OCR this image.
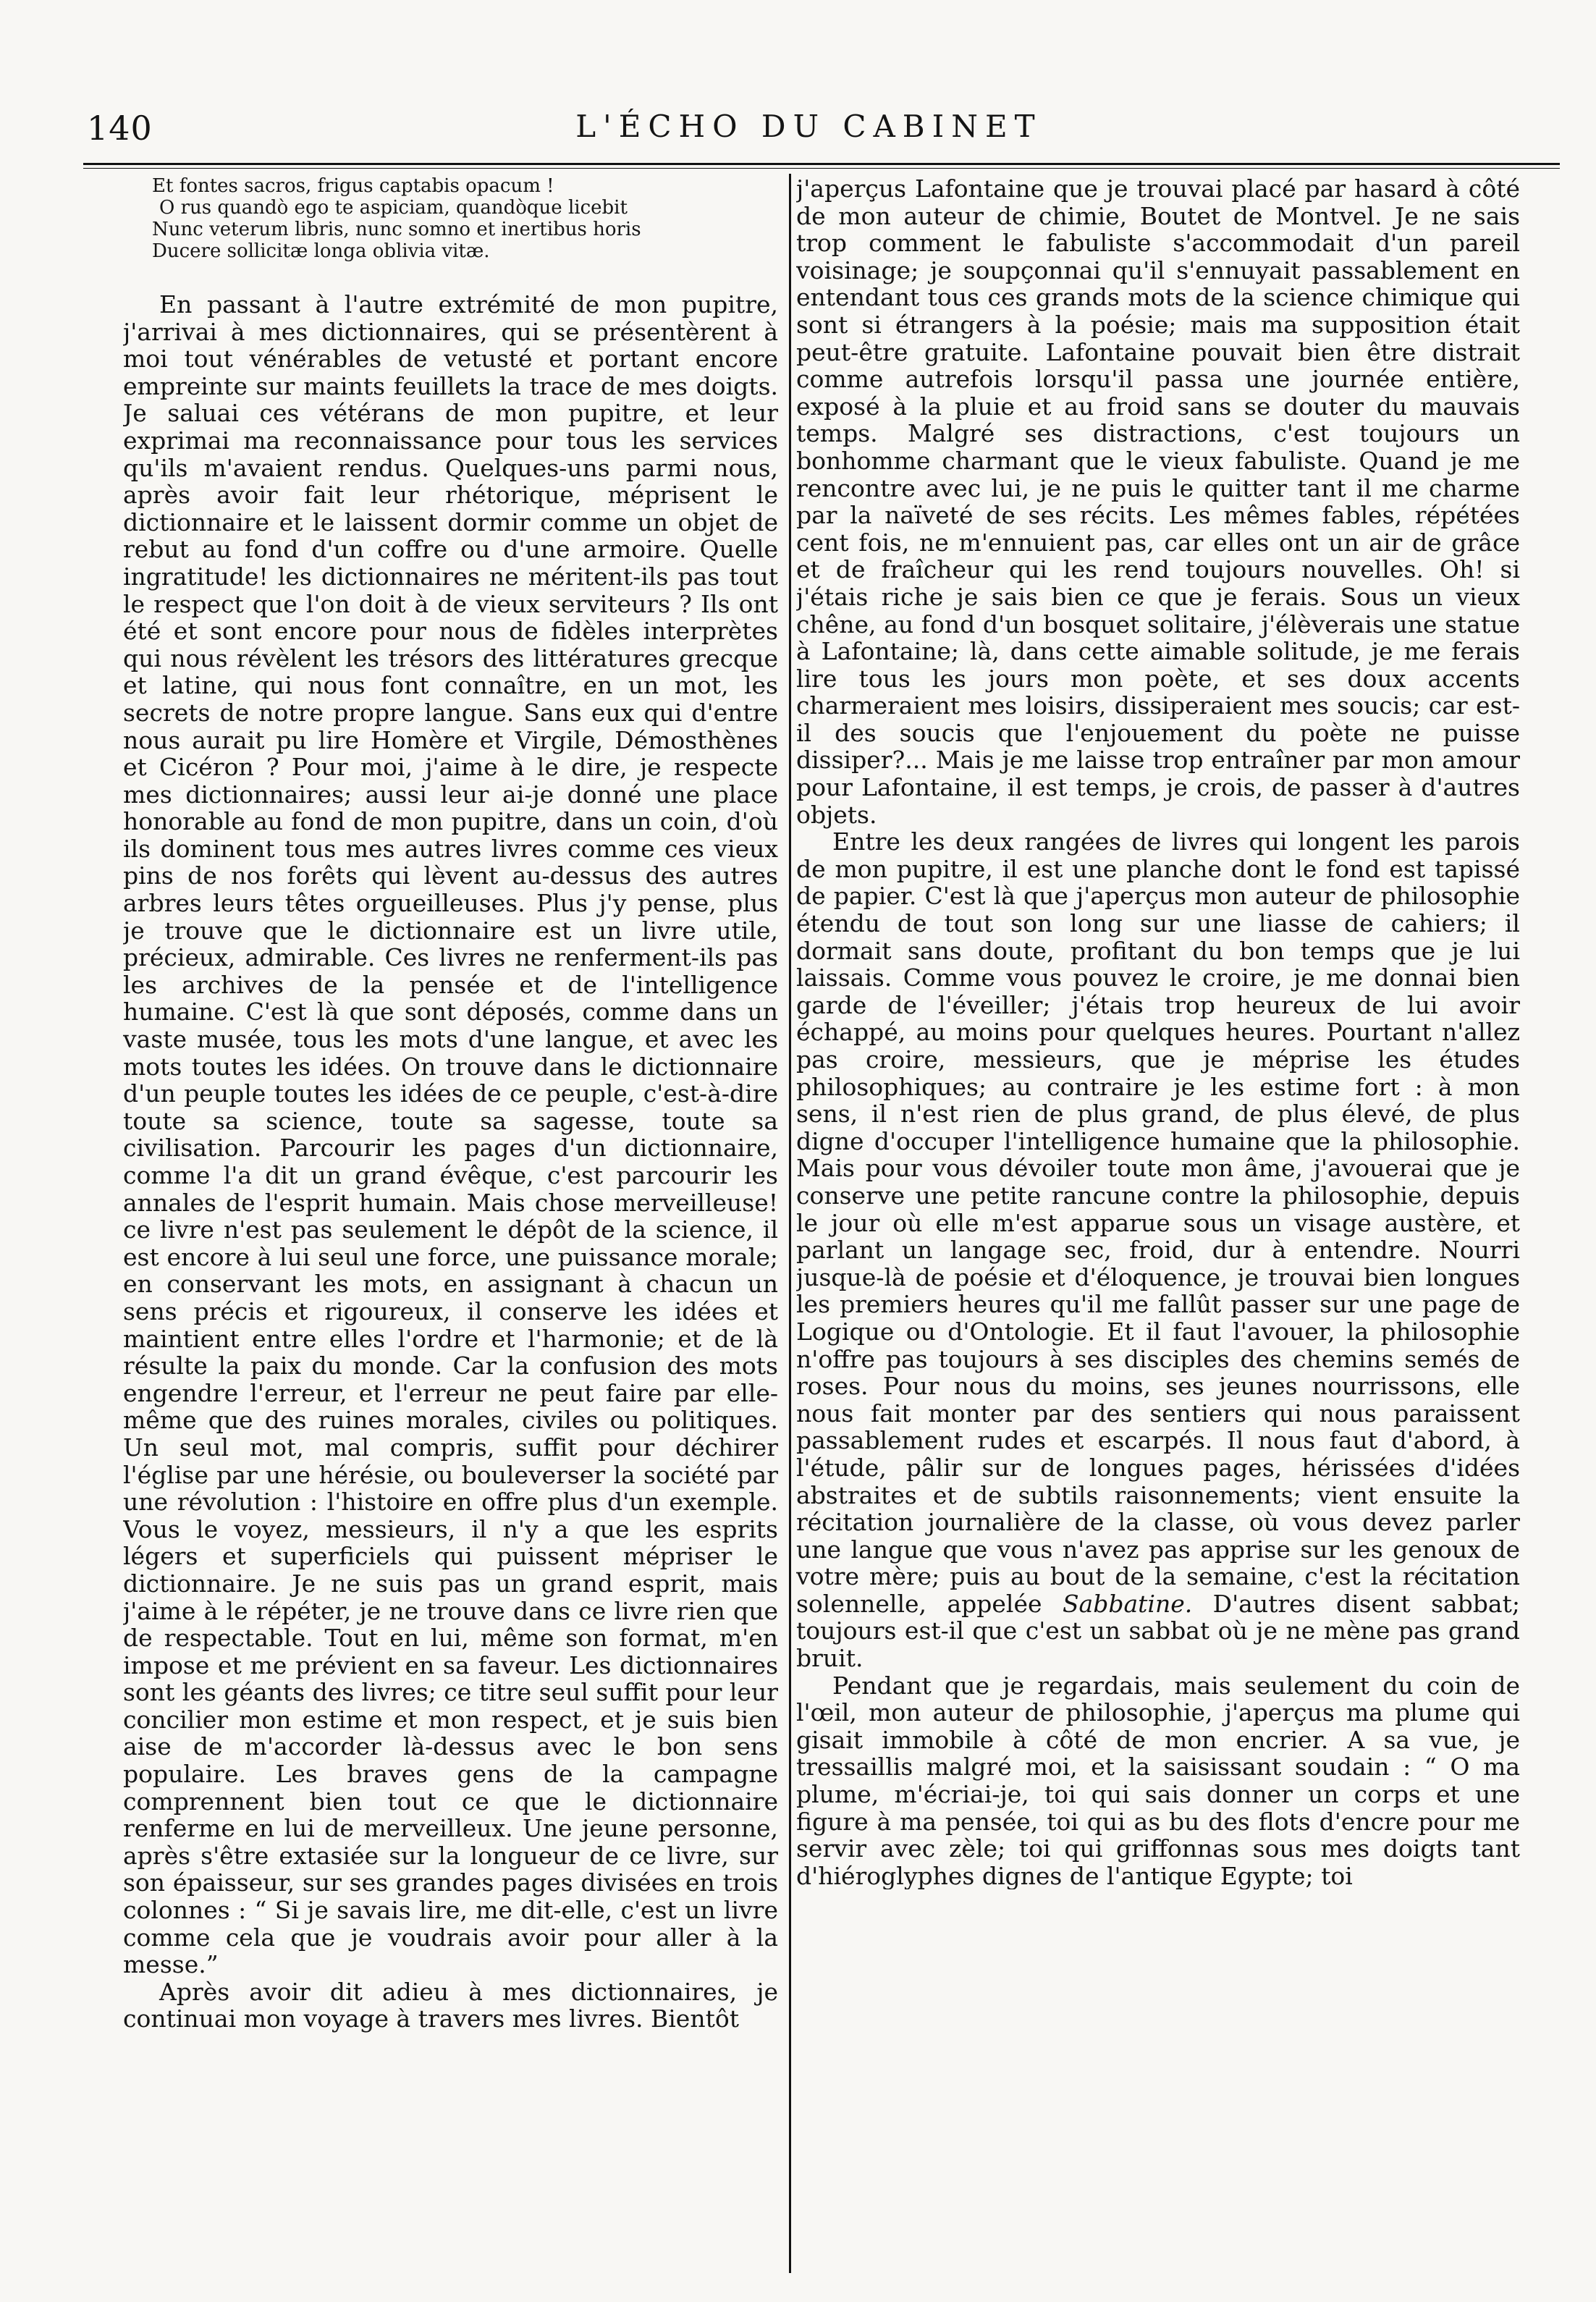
140	L'ÉCHO DU CABINET
Et fontes sacros, frigus captabis opacum !
O rus quandò ego te aspiciam, quandòque licebit
Nunc veterum libris, nunc somno et inertibus horis
Ducere sollicitæ longa oblivia vitæ.

En passant à l'autre extrémité de mon pupitre, j'arrivai à mes dictionnaires, qui se présentèrent à moi tout vénérables de vetusté et portant encore empreinte sur maints feuillets la trace de mes doigts. Je saluai ces vétérans de mon pupitre, et leur exprimai ma reconnaissance pour tous les services qu'ils m'avaient rendus. Quelques-uns parmi nous, après avoir fait leur rhétorique, méprisent le dictionnaire et le laissent dormir comme un objet de rebut au fond d'un coffre ou d'une armoire. Quelle ingratitude! les dictionnaires ne méritent-ils pas tout le respect que l'on doit à de vieux serviteurs ? Ils ont été et sont encore pour nous de fidèles interprètes qui nous révèlent les trésors des littératures grecque et latine, qui nous font connaître, en un mot, les secrets de notre propre langue. Sans eux qui d'entre nous aurait pu lire Homère et Virgile, Démosthènes et Cicéron ? Pour moi, j'aime à le dire, je respecte mes dictionnaires; aussi leur ai-je donné une place honorable au fond de mon pupitre, dans un coin, d'où ils dominent tous mes autres livres comme ces vieux pins de nos forêts qui lèvent au-dessus des autres arbres leurs têtes orgueilleuses. Plus j'y pense, plus je trouve que le dictionnaire est un livre utile, précieux, admirable. Ces livres ne renferment-ils pas les archives de la pensée et de l'intelligence humaine. C'est là que sont déposés, comme dans un vaste musée, tous les mots d'une langue, et avec les mots toutes les idées. On trouve dans le dictionnaire d'un peuple toutes les idées de ce peuple, c'est-à-dire toute sa science, toute sa sagesse, toute sa civilisation. Parcourir les pages d'un dictionnaire, comme l'a dit un grand évêque, c'est parcourir les annales de l'esprit humain. Mais chose merveilleuse! ce livre n'est pas seulement le dépôt de la science, il est encore à lui seul une force, une puissance morale; en conservant les mots, en assignant à chacun un sens précis et rigoureux, il conserve les idées et maintient entre elles l'ordre et l'harmonie; et de là résulte la paix du monde. Car la confusion des mots engendre l'erreur, et l'erreur ne peut faire par elle-même que des ruines morales, civiles ou politiques. Un seul mot, mal compris, suffit pour déchirer l'église par une hérésie, ou bouleverser la société par une révolution : l'histoire en offre plus d'un exemple. Vous le voyez, messieurs, il n'y a que les esprits légers et superficiels qui puissent mépriser le dictionnaire. Je ne suis pas un grand esprit, mais j'aime à le répéter, je ne trouve dans ce livre rien que de respectable. Tout en lui, même son format, m'en impose et me prévient en sa faveur. Les dictionnaires sont les géants des livres; ce titre seul suffit pour leur concilier mon estime et mon respect, et je suis bien aise de m'accorder là-dessus avec le bon sens populaire. Les braves gens de la campagne comprennent bien tout ce que le dictionnaire renferme en lui de merveilleux. Une jeune personne, après s'être extasiée sur la longueur de ce livre, sur son épaisseur, sur ses grandes pages divisées en trois colonnes : “ Si je savais lire, me dit-elle, c'est un livre comme cela que je voudrais avoir pour aller à la messe.”

Après avoir dit adieu à mes dictionnaires, je continuai mon voyage à travers mes livres. Bientôt

j'aperçus Lafontaine que je trouvai placé par hasard à côté de mon auteur de chimie, Boutet de Montvel. Je ne sais trop comment le fabuliste s'accommodait d'un pareil voisinage; je soupçonnai qu'il s'ennuyait passablement en entendant tous ces grands mots de la science chimique qui sont si étrangers à la poésie; mais ma supposition était peut-être gratuite. Lafontaine pouvait bien être distrait comme autrefois lorsqu'il passa une journée entière, exposé à la pluie et au froid sans se douter du mauvais temps. Malgré ses distractions, c'est toujours un bonhomme charmant que le vieux fabuliste. Quand je me rencontre avec lui, je ne puis le quitter tant il me charme par la naïveté de ses récits. Les mêmes fables, répétées cent fois, ne m'ennuient pas, car elles ont un air de grâce et de fraîcheur qui les rend toujours nouvelles. Oh! si j'étais riche je sais bien ce que je ferais. Sous un vieux chêne, au fond d'un bosquet solitaire, j'élèverais une statue à Lafontaine; là, dans cette aimable solitude, je me ferais lire tous les jours mon poète, et ses doux accents charmeraient mes loisirs, dissiperaient mes soucis; car est-il des soucis que l'enjouement du poète ne puisse dissiper?... Mais je me laisse trop entraîner par mon amour pour Lafontaine, il est temps, je crois, de passer à d'autres objets.

Entre les deux rangées de livres qui longent les parois de mon pupitre, il est une planche dont le fond est tapissé de papier. C'est là que j'aperçus mon auteur de philosophie étendu de tout son long sur une liasse de cahiers; il dormait sans doute, profitant du bon temps que je lui laissais. Comme vous pouvez le croire, je me donnai bien garde de l'éveiller; j'étais trop heureux de lui avoir échappé, au moins pour quelques heures. Pourtant n'allez pas croire, messieurs, que je méprise les études philosophiques; au contraire je les estime fort : à mon sens, il n'est rien de plus grand, de plus élevé, de plus digne d'occuper l'intelligence humaine que la philosophie. Mais pour vous dévoiler toute mon âme, j'avouerai que je conserve une petite rancune contre la philosophie, depuis le jour où elle m'est apparue sous un visage austère, et parlant un langage sec, froid, dur à entendre. Nourri jusque-là de poésie et d'éloquence, je trouvai bien longues les premiers heures qu'il me fallût passer sur une page de Logique ou d'Ontologie. Et il faut l'avouer, la philosophie n'offre pas toujours à ses disciples des chemins semés de roses. Pour nous du moins, ses jeunes nourrissons, elle nous fait monter par des sentiers qui nous paraissent passablement rudes et escarpés. Il nous faut d'abord, à l'étude, pâlir sur de longues pages, hérissées d'idées abstraites et de subtils raisonnements; vient ensuite la récitation journalière de la classe, où vous devez parler une langue que vous n'avez pas apprise sur les genoux de votre mère; puis au bout de la semaine, c'est la récitation solennelle, appelée Sabbatine. D'autres disent sabbat; toujours est-il que c'est un sabbat où je ne mène pas grand bruit.

Pendant que je regardais, mais seulement du coin de l'œil, mon auteur de philosophie, j'aperçus ma plume qui gisait immobile à côté de mon encrier. A sa vue, je tressaillis malgré moi, et la saisissant soudain : “ O ma plume, m'écriai-je, toi qui sais donner un corps et une figure à ma pensée, toi qui as bu des flots d'encre pour me servir avec zèle; toi qui griffonnas sous mes doigts tant d'hiéroglyphes dignes de l'antique Egypte; toi
